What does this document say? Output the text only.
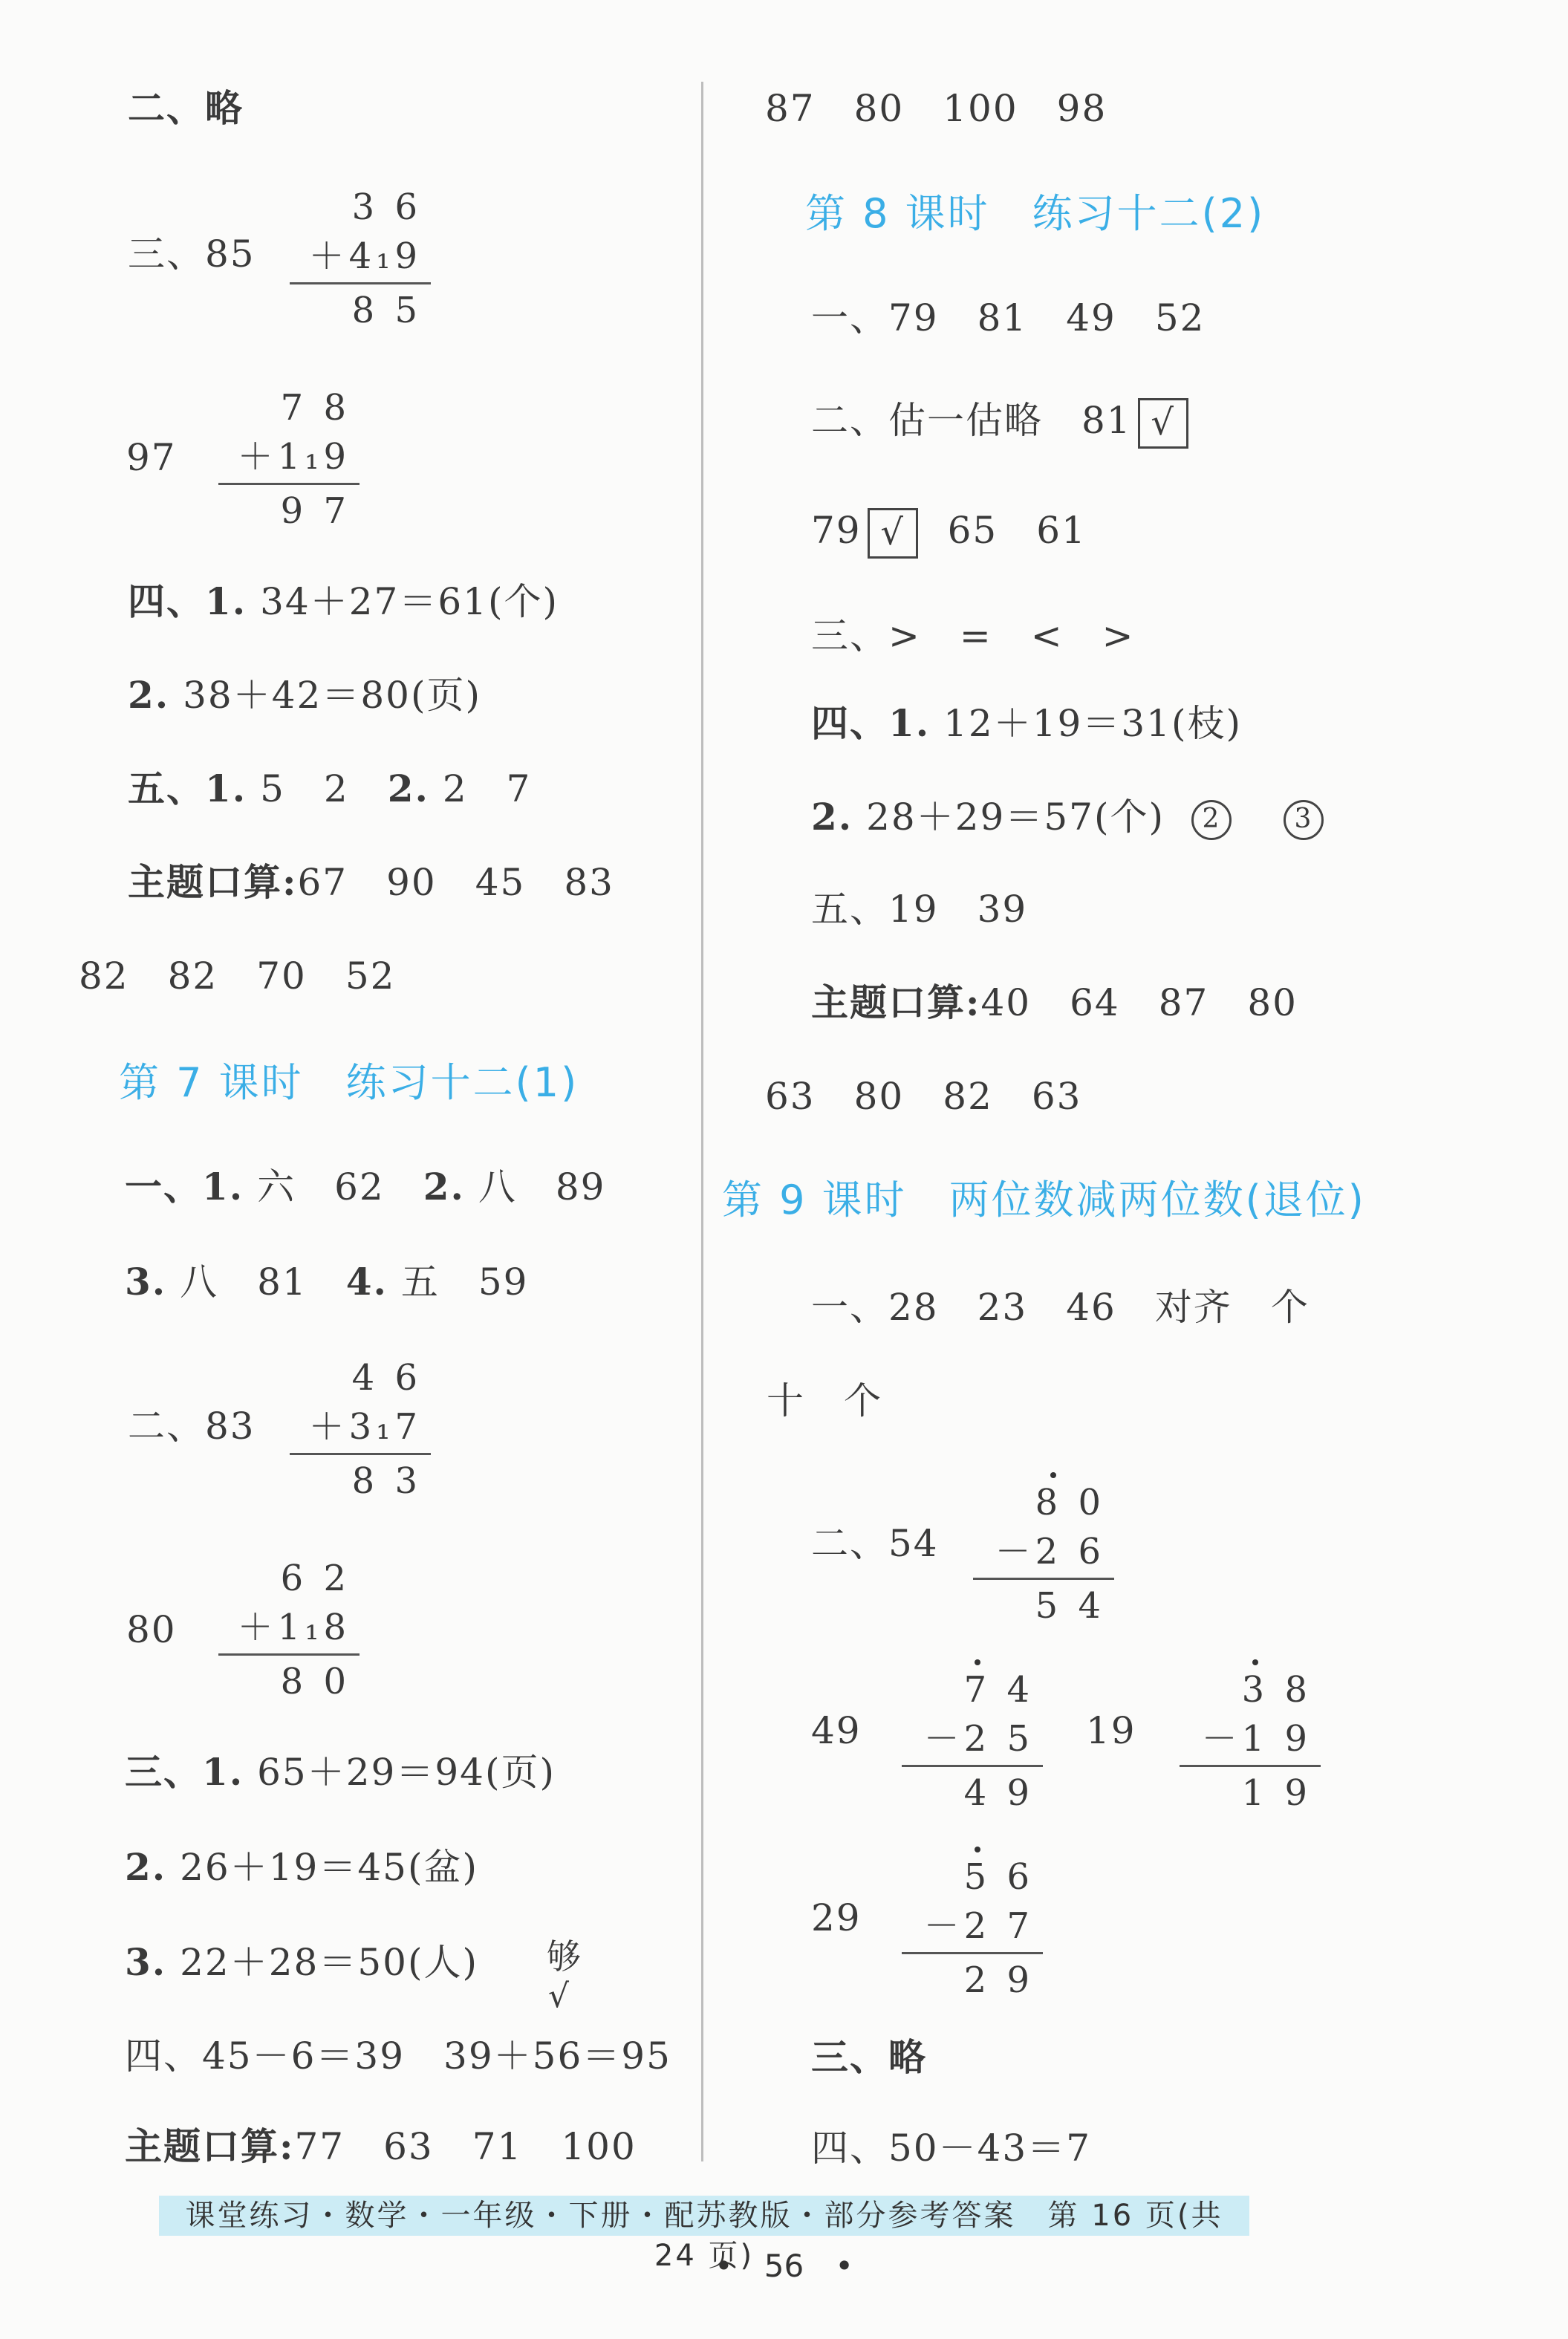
二、略
三、85
3 6
＋4₁9
8 5
97
7 8
＋1₁9
9 7
四、1. 34＋27＝61(个)
2. 38＋42＝80(页)
五、1. 5　2　2. 2　7
主题口算:67　90　45　83
82　82　70　52
第 7 课时　练习十二(1)
一、1. 六　62　2. 八　89
3. 八　81　4. 五　59
二、83
4 6
＋3₁7
8 3
80
6 2
＋1₁8
8 0
三、1. 65＋29＝94(页)
2. 26＋19＝45(盆)
3. 22＋28＝50(人) 够
√
四、45－6＝39　39＋56＝95
主题口算:77　63　71　100
87　80　100　98
第 8 课时　练习十二(2)
一、79　81　49　52
二、估一估略　81 √
79 √ 65　61
三、>　=　<　>
四、1. 12＋19＝31(枝)
2. 28＋29＝57(个) 2	3
五、19　39
主题口算:40　64　87　80
63　80　82　63
第 9 课时　两位数减两位数(退位)
一、28　23　46　对齐　个
十　个
二、54
8 0
－2 6
5 4
49
7 4
－2 5
4 9
19
3 8
－1 9
1 9
29
5 6
－2 7
2 9
三、略
四、50－43＝7
课堂练习・数学・一年级・下册・配苏教版・部分参考答案　第 16 页(共 24 页)
•　56　•
